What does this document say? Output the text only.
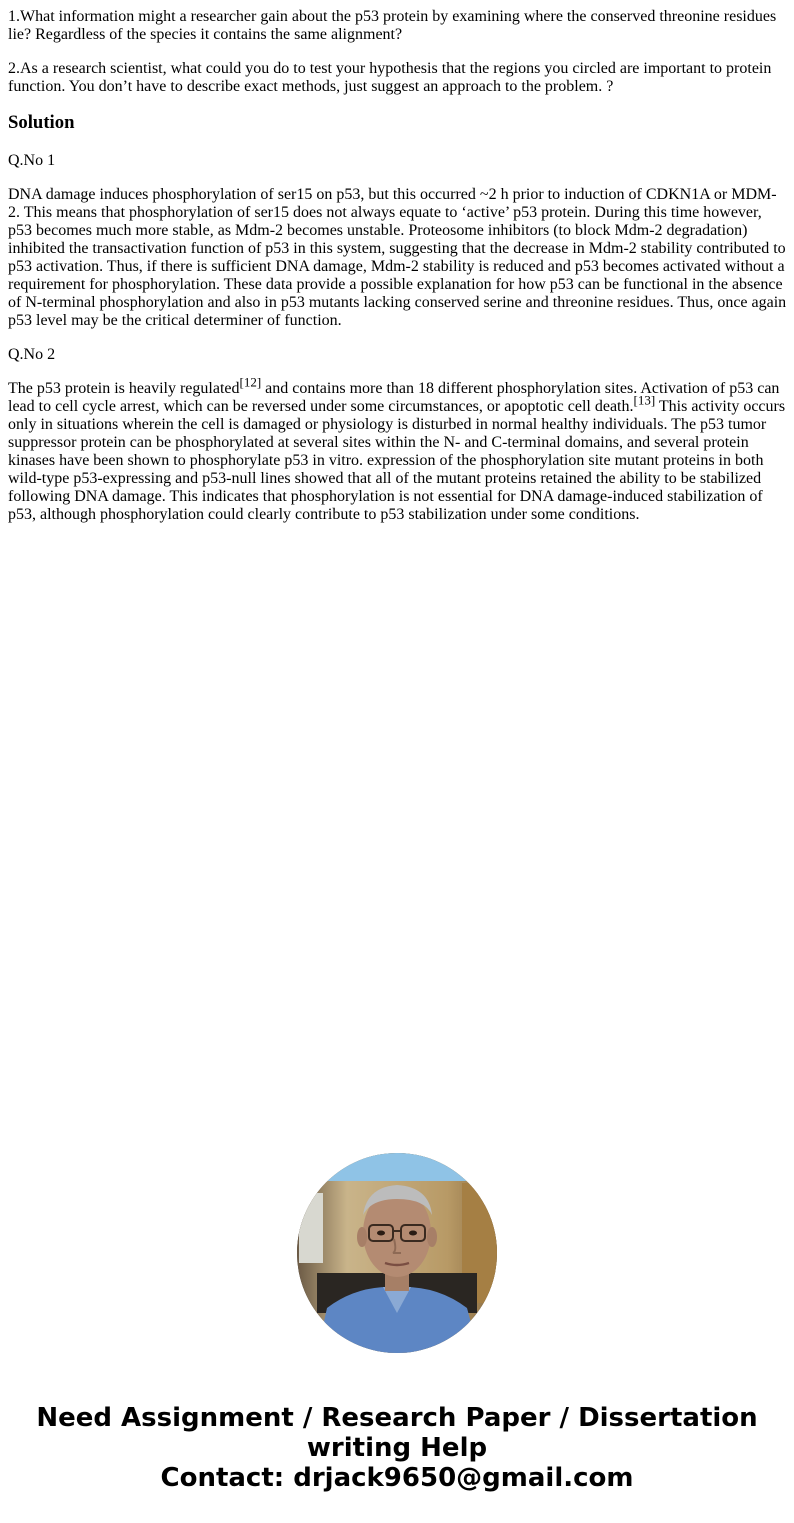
1.What information might a researcher gain about the p53 protein by examining where the conserved threonine residues lie? Regardless of the species it contains the same alignment?

2.As a research scientist, what could you do to test your hypothesis that the regions you circled are important to protein function. You don’t have to describe exact methods, just suggest an approach to the problem. ?

Solution

Q.No 1

DNA damage induces phosphorylation of ser15 on p53, but this occurred ~2 h prior to induction of CDKN1A or MDM-2. This means that phosphorylation of ser15 does not always equate to ‘active’ p53 protein. During this time however, p53 becomes much more stable, as Mdm-2 becomes unstable. Proteosome inhibitors (to block Mdm-2 degradation) inhibited the transactivation function of p53 in this system, suggesting that the decrease in Mdm-2 stability contributed to p53 activation. Thus, if there is sufficient DNA damage, Mdm-2 stability is reduced and p53 becomes activated without a requirement for phosphorylation. These data provide a possible explanation for how p53 can be functional in the absence of N-terminal phosphorylation and also in p53 mutants lacking conserved serine and threonine residues. Thus, once again p53 level may be the critical determiner of function.

Q.No 2

The p53 protein is heavily regulated[12] and contains more than 18 different phosphorylation sites. Activation of p53 can lead to cell cycle arrest, which can be reversed under some circumstances, or apoptotic cell death.[13] This activity occurs only in situations wherein the cell is damaged or physiology is disturbed in normal healthy individuals. The p53 tumor suppressor protein can be phosphorylated at several sites within the N- and C-terminal domains, and several protein kinases have been shown to phosphorylate p53 in vitro. expression of the phosphorylation site mutant proteins in both wild-type p53-expressing and p53-null lines showed that all of the mutant proteins retained the ability to be stabilized following DNA damage. This indicates that phosphorylation is not essential for DNA damage-induced stabilization of p53, although phosphorylation could clearly contribute to p53 stabilization under some conditions.

Need Assignment / Research Paper / Dissertation
writing Help
Contact: drjack9650@gmail.com
